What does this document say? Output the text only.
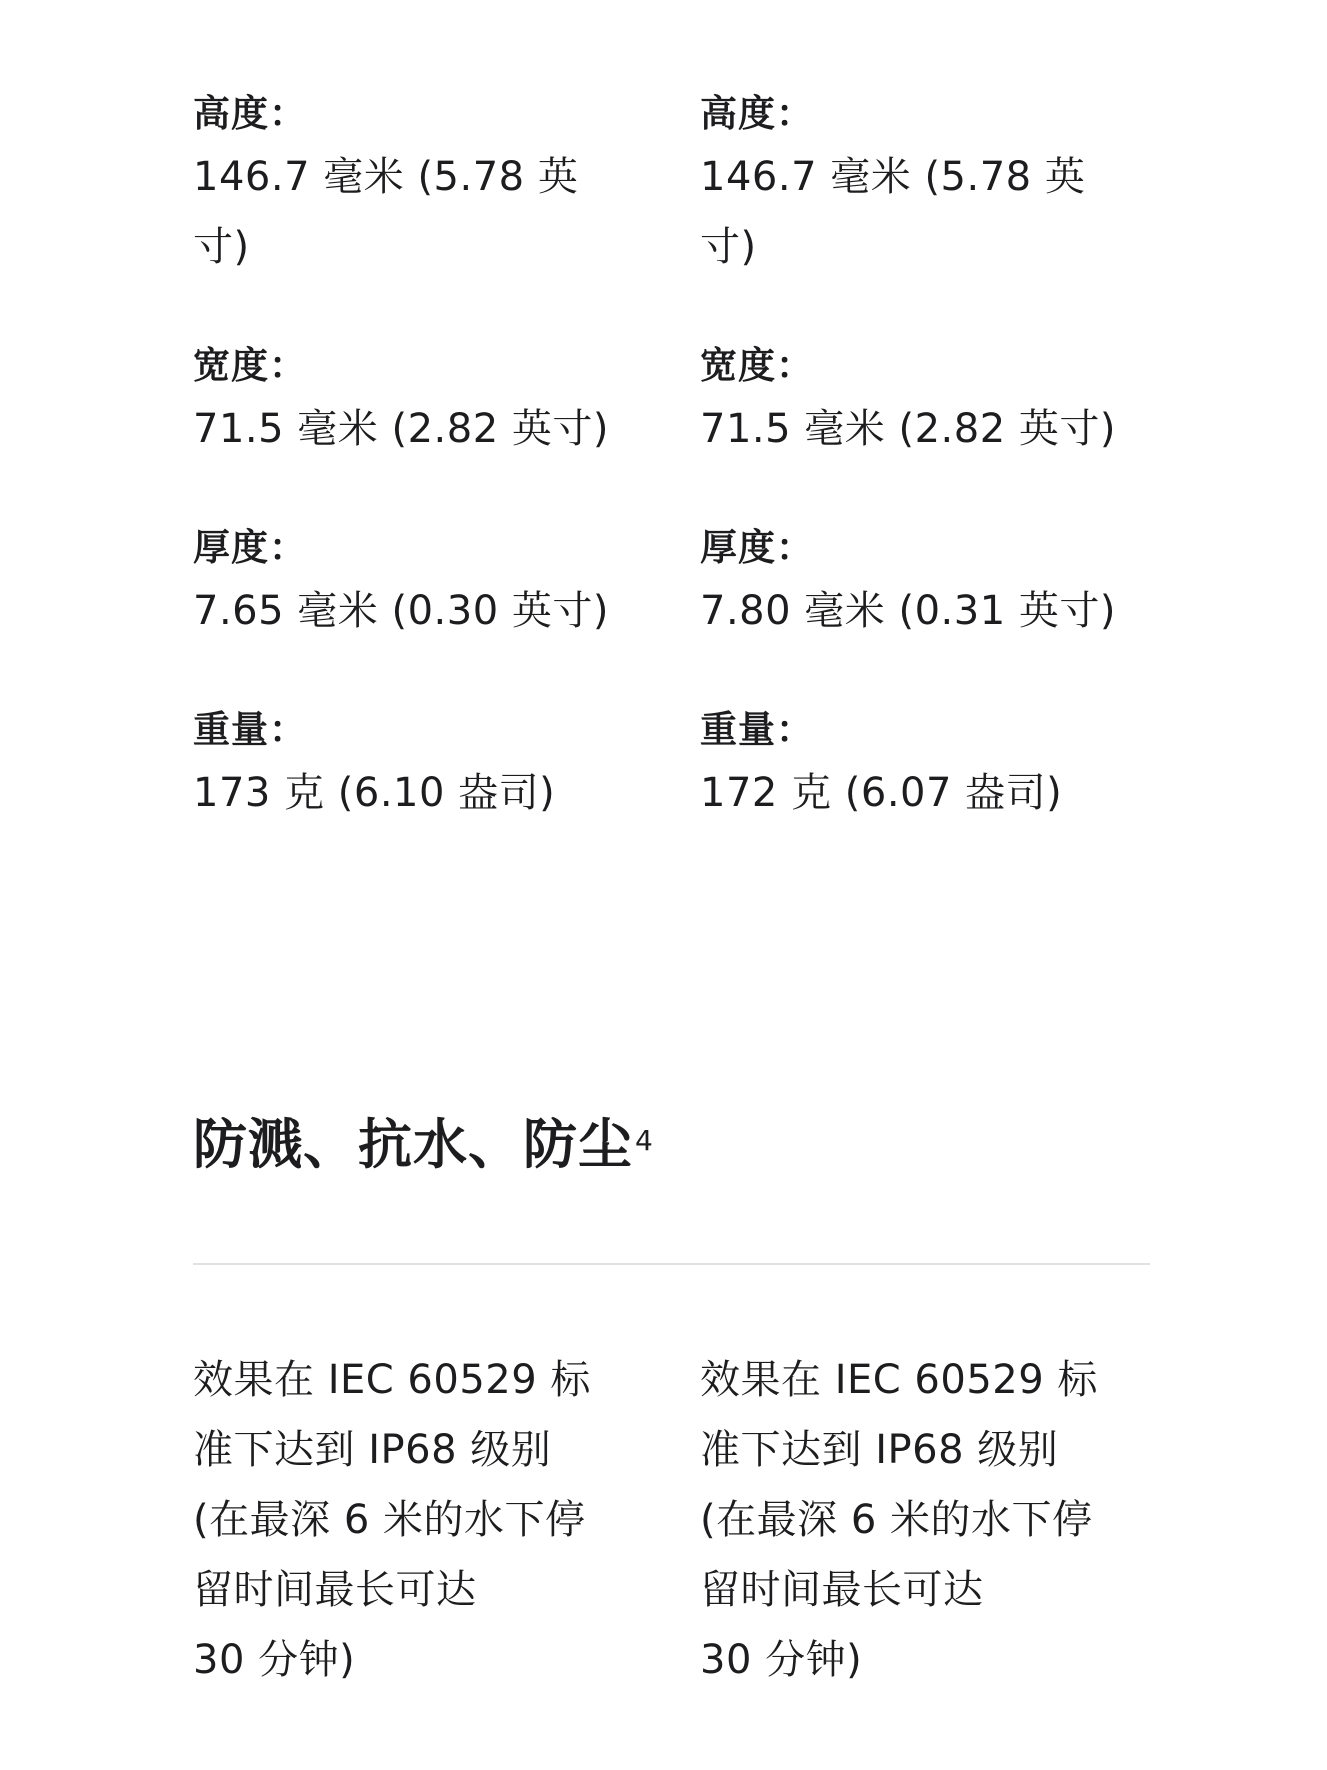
高度：
146.7 毫米 (5.78 英
寸)
高度：
146.7 毫米 (5.78 英
寸)
宽度：
71.5 毫米 (2.82 英寸)
宽度：
71.5 毫米 (2.82 英寸)
厚度：
7.65 毫米 (0.30 英寸)
厚度：
7.80 毫米 (0.31 英寸)
重量：
173 克 (6.10 盎司)
重量：
172 克 (6.07 盎司)
防溅、抗水、防尘$^4$
效果在 IEC 60529 标
准下达到 IP68 级别
(在最深 6 米的水下停
留时间最长可达
30 分钟)
效果在 IEC 60529 标
准下达到 IP68 级别
(在最深 6 米的水下停
留时间最长可达
30 分钟)
